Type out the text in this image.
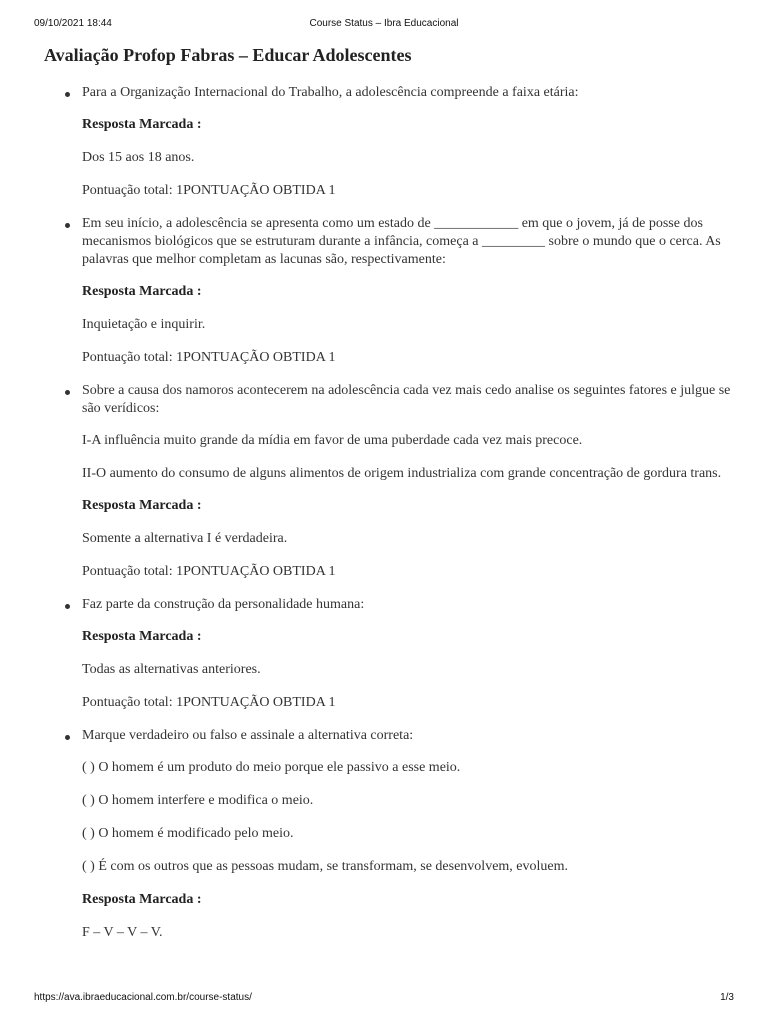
09/10/2021 18:44	Course Status – Ibra Educacional
Avaliação Profop Fabras – Educar Adolescentes

Para a Organização Internacional do Trabalho, a adolescência compreende a faixa etária:

Resposta Marcada :

Dos 15 aos 18 anos.

Pontuação total: 1PONTUAÇÃO OBTIDA 1

Em seu início, a adolescência se apresenta como um estado de ____________ em que o jovem, já de posse dos mecanismos biológicos que se estruturam durante a infância, começa a _________ sobre o mundo que o cerca. As palavras que melhor completam as lacunas são, respectivamente:

Resposta Marcada :

Inquietação e inquirir.

Pontuação total: 1PONTUAÇÃO OBTIDA 1

Sobre a causa dos namoros acontecerem na adolescência cada vez mais cedo analise os seguintes fatores e julgue se são verídicos:

I-A influência muito grande da mídia em favor de uma puberdade cada vez mais precoce.

II-O aumento do consumo de alguns alimentos de origem industrializa com grande concentração de gordura trans.

Resposta Marcada :

Somente a alternativa I é verdadeira.

Pontuação total: 1PONTUAÇÃO OBTIDA 1

Faz parte da construção da personalidade humana:

Resposta Marcada :

Todas as alternativas anteriores.

Pontuação total: 1PONTUAÇÃO OBTIDA 1

Marque verdadeiro ou falso e assinale a alternativa correta:

( ) O homem é um produto do meio porque ele passivo a esse meio.

( ) O homem interfere e modifica o meio.

( ) O homem é modificado pelo meio.

( ) É com os outros que as pessoas mudam, se transformam, se desenvolvem, evoluem.

Resposta Marcada :

F – V – V – V.

https://ava.ibraeducacional.com.br/course-status/	1/3
